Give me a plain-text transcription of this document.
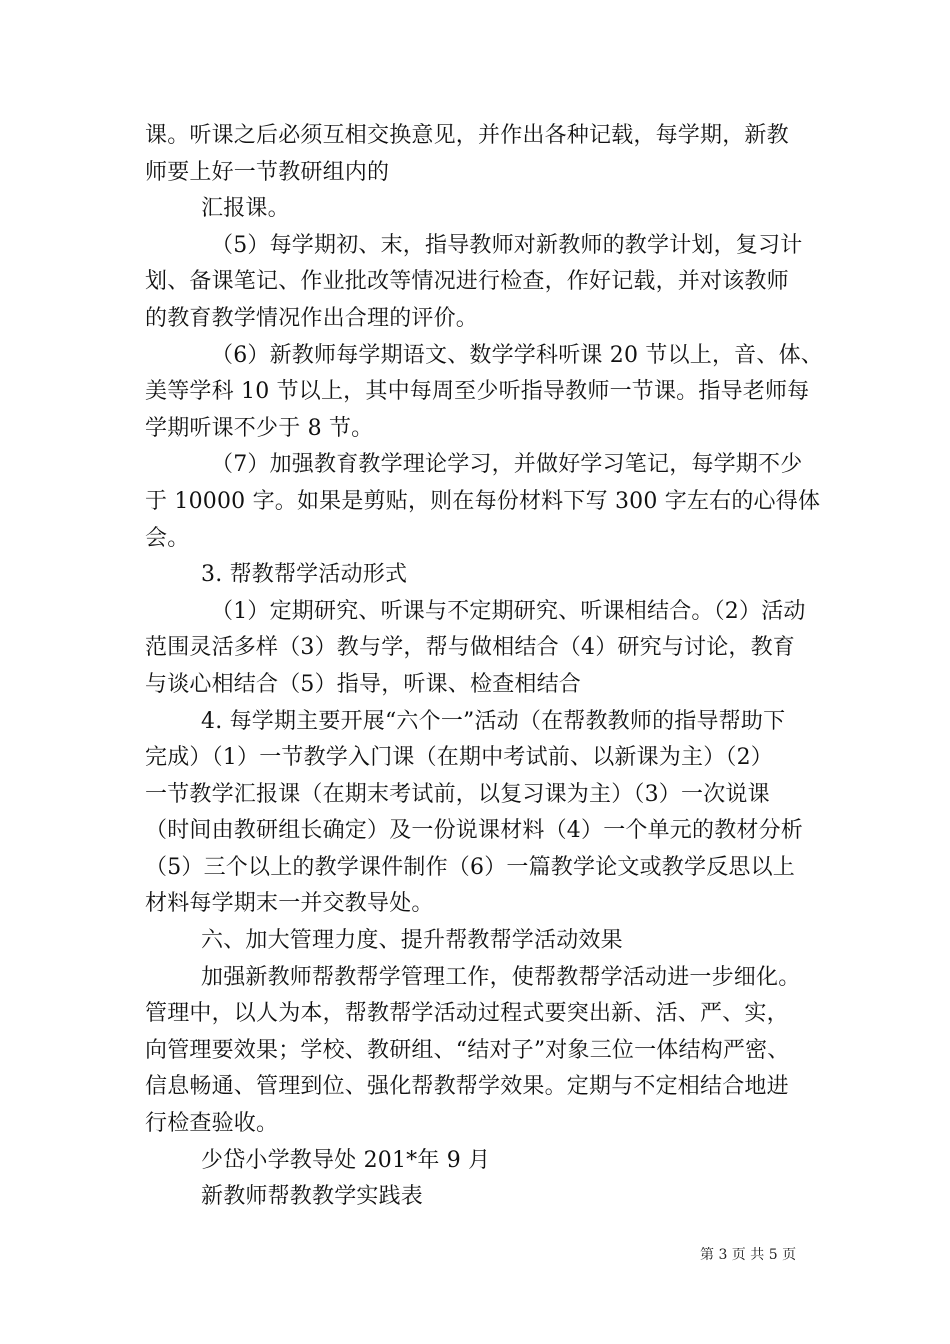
课。听课之后必须互相交换意见，并作出各种记载，每学期，新教
师要上好一节教研组内的
汇报课。
（5）每学期初、末，指导教师对新教师的教学计划，复习计
划、备课笔记、作业批改等情况进行检查，作好记载，并对该教师
的教育教学情况作出合理的评价。
（6）新教师每学期语文、数学学科听课 20 节以上，音、体、
美等学科 10 节以上，其中每周至少听指导教师一节课。指导老师每
学期听课不少于 8 节。
（7）加强教育教学理论学习，并做好学习笔记，每学期不少
于 10000 字。如果是剪贴，则在每份材料下写 300 字左右的心得体
会。
3. 帮教帮学活动形式
（1）定期研究、听课与不定期研究、听课相结合。（2）活动
范围灵活多样（3）教与学，帮与做相结合（4）研究与讨论，教育
与谈心相结合（5）指导，听课、检查相结合
4. 每学期主要开展“六个一”活动（在帮教教师的指导帮助下
完成）（1）一节教学入门课（在期中考试前、以新课为主）（2）
一节教学汇报课（在期末考试前，以复习课为主）（3）一次说课
（时间由教研组长确定）及一份说课材料（4）一个单元的教材分析
（5）三个以上的教学课件制作（6）一篇教学论文或教学反思以上
材料每学期末一并交教导处。
六、加大管理力度、提升帮教帮学活动效果
加强新教师帮教帮学管理工作，使帮教帮学活动进一步细化。
管理中，以人为本，帮教帮学活动过程式要突出新、活、严、实，
向管理要效果；学校、教研组、“结对子”对象三位一体结构严密、
信息畅通、管理到位、强化帮教帮学效果。定期与不定相结合地进
行检查验收。
少岱小学教导处 201*年 9 月
新教师帮教教学实践表
第 3 页 共 5 页
